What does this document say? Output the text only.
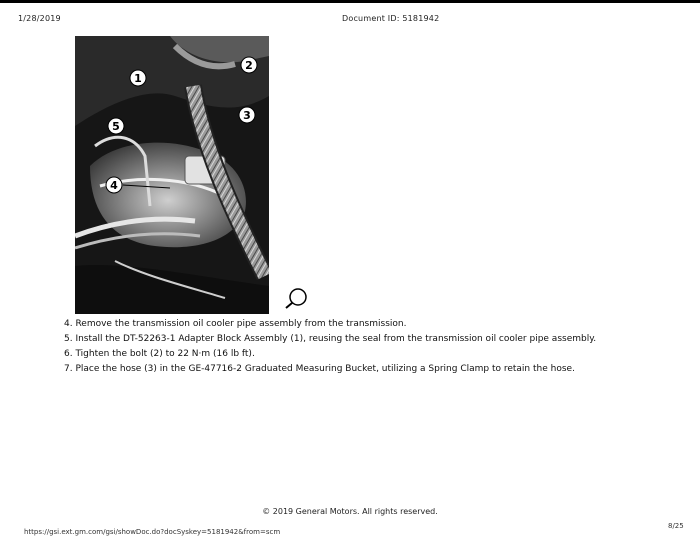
1/28/2019	Document ID: 5181942
1
2
3
4
5
4. Remove the transmission oil cooler pipe assembly from the transmission.
5. Install the DT-52263-1 Adapter Block Assembly (1), reusing the seal from the transmission oil cooler pipe assembly.
6. Tighten the bolt (2) to 22 N·m (16 lb ft).
7. Place the hose (3) in the GE-47716-2 Graduated Measuring Bucket, utilizing a Spring Clamp to retain the hose.
© 2019 General Motors. All rights reserved.
https://gsi.ext.gm.com/gsi/showDoc.do?docSyskey=5181942&from=scm
8/25
